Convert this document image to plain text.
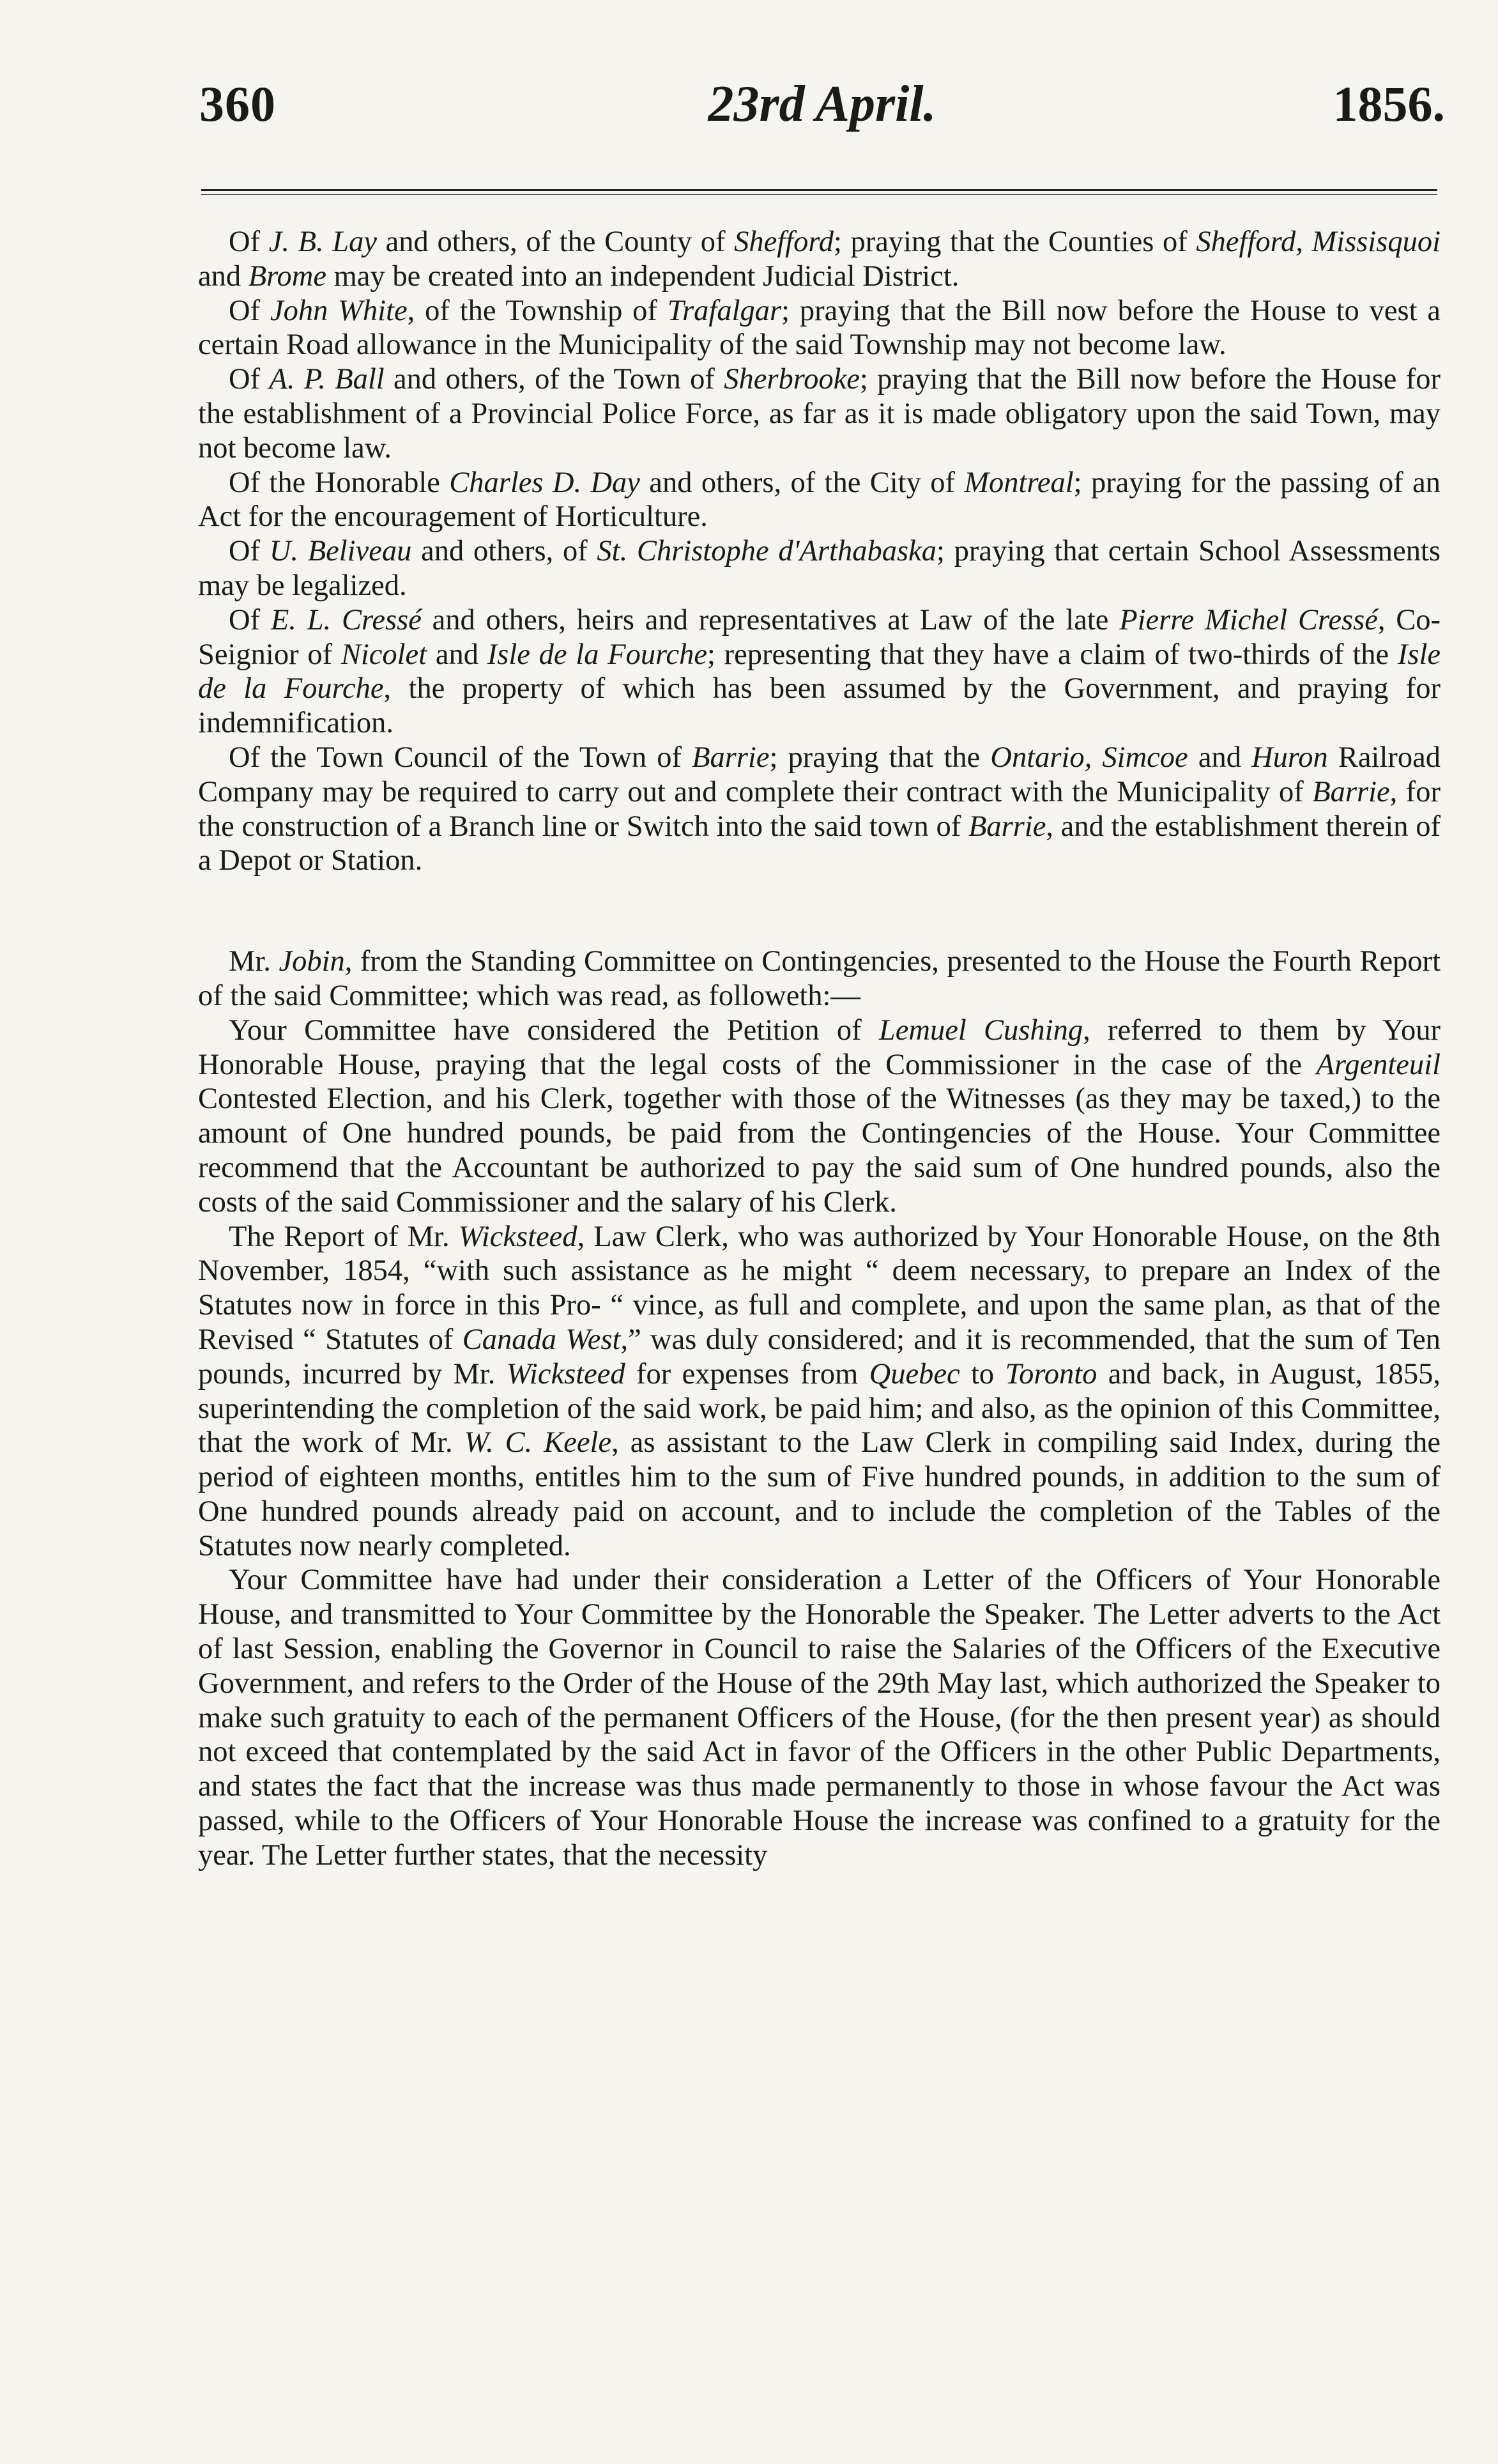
360	23rd April.	1856.

Of J. B. Lay and others, of the County of Shefford; praying that the Counties of Shefford, Missisquoi and Brome may be created into an independent Judicial District.

Of John White, of the Township of Trafalgar; praying that the Bill now before the House to vest a certain Road allowance in the Municipality of the said Township may not become law.

Of A. P. Ball and others, of the Town of Sherbrooke; praying that the Bill now before the House for the establishment of a Provincial Police Force, as far as it is made obligatory upon the said Town, may not become law.

Of the Honorable Charles D. Day and others, of the City of Montreal; praying for the passing of an Act for the encouragement of Horticulture.

Of U. Beliveau and others, of St. Christophe d'Arthabaska; praying that certain School Assessments may be legalized.

Of E. L. Cressé and others, heirs and representatives at Law of the late Pierre Michel Cressé, Co-Seignior of Nicolet and Isle de la Fourche; representing that they have a claim of two-thirds of the Isle de la Fourche, the property of which has been assumed by the Government, and praying for indemnification.

Of the Town Council of the Town of Barrie; praying that the Ontario, Simcoe and Huron Railroad Company may be required to carry out and complete their contract with the Municipality of Barrie, for the construction of a Branch line or Switch into the said town of Barrie, and the establishment therein of a Depot or Station.

Mr. Jobin, from the Standing Committee on Contingencies, presented to the House the Fourth Report of the said Committee; which was read, as followeth:—

Your Committee have considered the Petition of Lemuel Cushing, referred to them by Your Honorable House, praying that the legal costs of the Commissioner in the case of the Argenteuil Contested Election, and his Clerk, together with those of the Witnesses (as they may be taxed,) to the amount of One hundred pounds, be paid from the Contingencies of the House. Your Committee recommend that the Accountant be authorized to pay the said sum of One hundred pounds, also the costs of the said Commissioner and the salary of his Clerk.

The Report of Mr. Wicksteed, Law Clerk, who was authorized by Your Honorable House, on the 8th November, 1854, “with such assistance as he might “ deem necessary, to prepare an Index of the Statutes now in force in this Pro- “ vince, as full and complete, and upon the same plan, as that of the Revised “ Statutes of Canada West,” was duly considered; and it is recommended, that the sum of Ten pounds, incurred by Mr. Wicksteed for expenses from Quebec to Toronto and back, in August, 1855, superintending the completion of the said work, be paid him; and also, as the opinion of this Committee, that the work of Mr. W. C. Keele, as assistant to the Law Clerk in compiling said Index, during the period of eighteen months, entitles him to the sum of Five hundred pounds, in addition to the sum of One hundred pounds already paid on account, and to include the completion of the Tables of the Statutes now nearly completed.

Your Committee have had under their consideration a Letter of the Officers of Your Honorable House, and transmitted to Your Committee by the Honorable the Speaker. The Letter adverts to the Act of last Session, enabling the Governor in Council to raise the Salaries of the Officers of the Executive Government, and refers to the Order of the House of the 29th May last, which authorized the Speaker to make such gratuity to each of the permanent Officers of the House, (for the then present year) as should not exceed that contemplated by the said Act in favor of the Officers in the other Public Departments, and states the fact that the increase was thus made permanently to those in whose favour the Act was passed, while to the Officers of Your Honorable House the increase was confined to a gratuity for the year. The Letter further states, that the necessity
